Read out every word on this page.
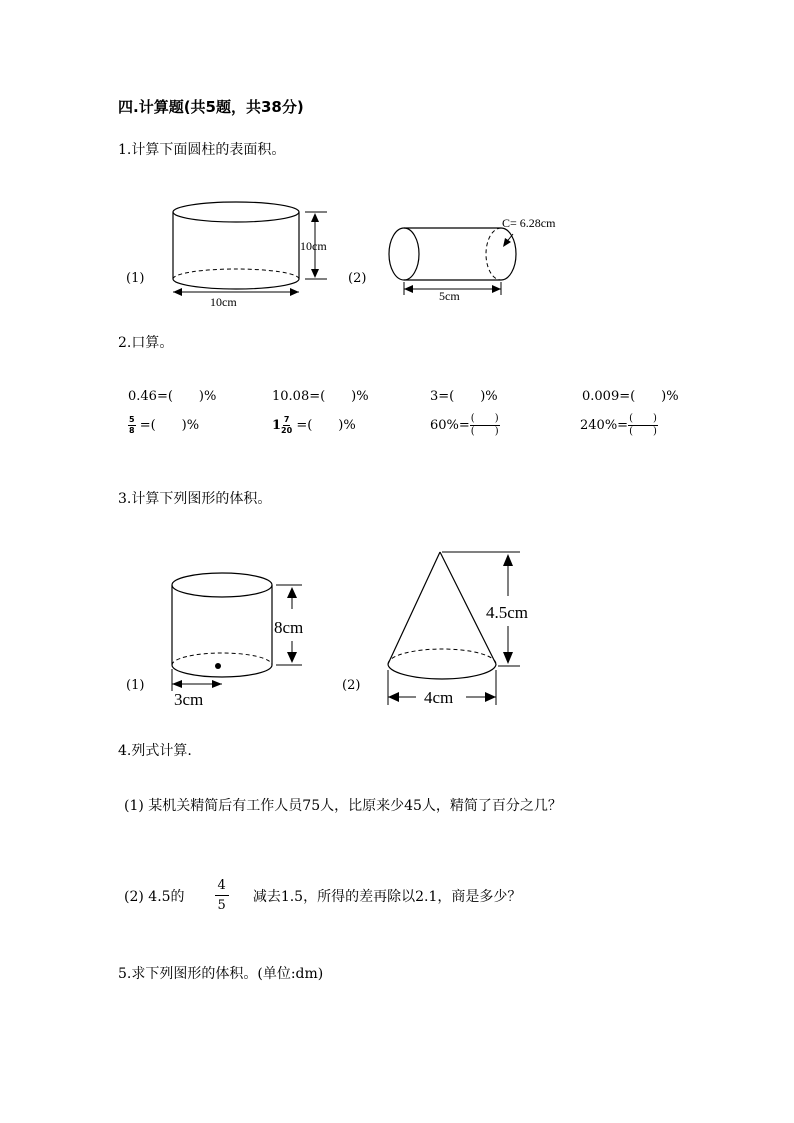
四.计算题(共5题，共38分)
1.计算下面圆柱的表面积。
(1)	(2)
10cm
10cm
C= 6.28cm
5cm
2.口算。
0.46=(　　)%	10.08=(　　)%	3=(　　)%	0.009=(　　)%
$\frac{5}{8}$ =(　　)%	$1 \frac{7}{20}$ =(　　)%	$60\%= \frac{( )}{( )}$	$240\%= \frac{( )}{( )}$
3.计算下列图形的体积。
(1)	(2)
8cm
3cm
4.5cm
4cm
4.列式计算.
(1) 某机关精简后有工作人员75人，比原来少45人，精简了百分之几？
(2) 4.5的 $\frac{4}{5}$ 减去1.5，所得的差再除以2.1，商是多少？
5.求下列图形的体积。(单位:dm)
